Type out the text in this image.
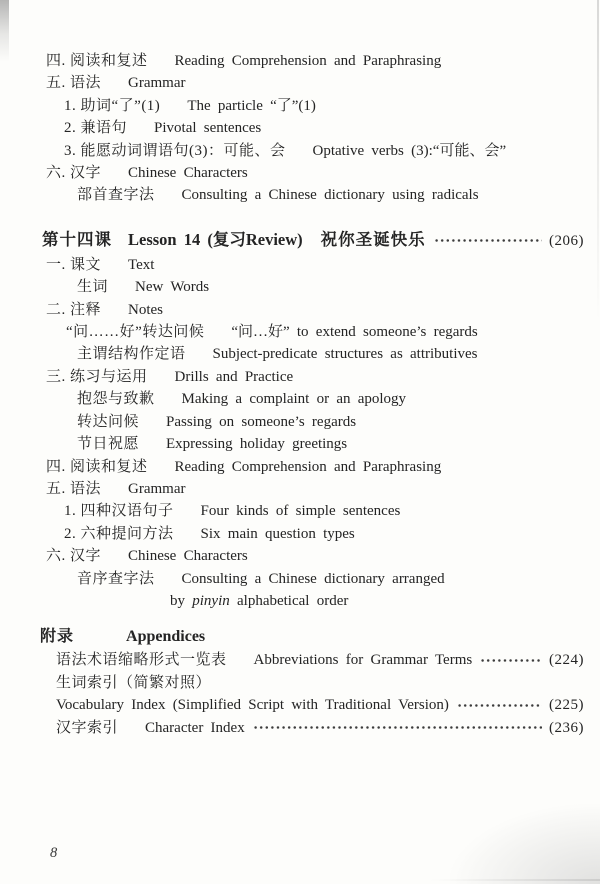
四. 阅读和复述 Reading Comprehension and Paraphrasing
五. 语法 Grammar
1. 助词“了”(1) The particle “了”(1)
2. 兼语句 Pivotal sentences
3. 能愿动词谓语句(3)：可能、会 Optative verbs (3):“可能、会”
六. 汉字 Chinese Characters
部首查字法 Consulting a Chinese dictionary using radicals
第十四课 Lesson 14 (复习Review) 祝你圣诞快乐	(206)
一. 课文 Text
生词 New Words
二. 注释 Notes
“问……好”转达问候 “问…好” to extend someone’s regards
主谓结构作定语 Subject-predicate structures as attributives
三. 练习与运用 Drills and Practice
抱怨与致歉 Making a complaint or an apology
转达问候 Passing on someone’s regards
节日祝愿 Expressing holiday greetings
四. 阅读和复述 Reading Comprehension and Paraphrasing
五. 语法 Grammar
1. 四种汉语句子 Four kinds of simple sentences
2. 六种提问方法 Six main question types
六. 汉字 Chinese Characters
音序查字法 Consulting a Chinese dictionary arranged
by pinyin alphabetical order
附录	Appendices
语法术语缩略形式一览表 Abbreviations for Grammar Terms	(224)
生词索引（简繁对照）
Vocabulary Index (Simplified Script with Traditional Version)	(225)
汉字索引 Character Index	(236)
8
